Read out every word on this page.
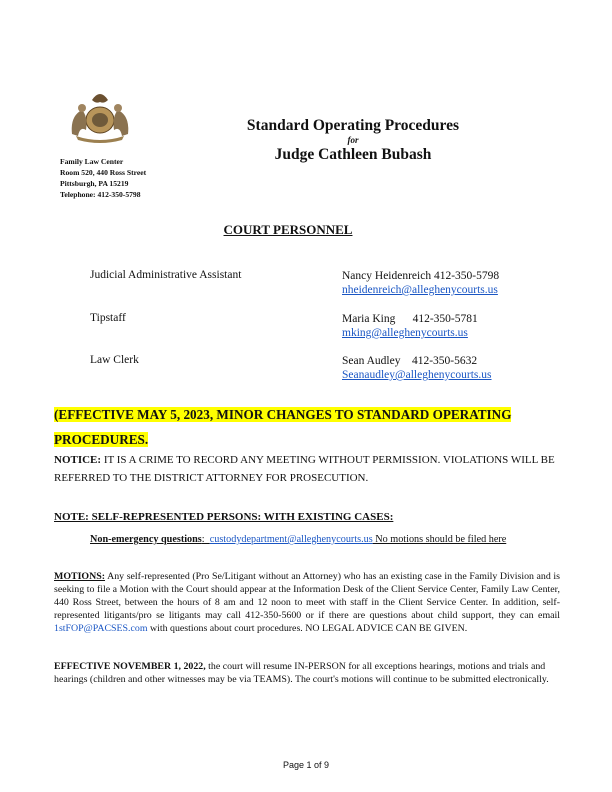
Family Law Center
Room 520, 440 Ross Street
Pittsburgh, PA 15219
Telephone: 412-350-5798
Standard Operating Procedures
for
Judge Cathleen Bubash
COURT PERSONNEL
Judicial Administrative Assistant	Nancy Heidenreich 412-350-5798
nheidenreich@alleghenycourts.us
Tipstaff	Maria King      412-350-5781
mking@alleghenycourts.us
Law Clerk	Sean Audley    412-350-5632
Seanaudley@alleghenycourts.us
(EFFECTIVE MAY 5, 2023, MINOR CHANGES TO STANDARD OPERATING PROCEDURES.
NOTICE: IT IS A CRIME TO RECORD ANY MEETING WITHOUT PERMISSION. VIOLATIONS WILL BE REFERRED TO THE DISTRICT ATTORNEY FOR PROSECUTION.
NOTE: SELF-REPRESENTED PERSONS: WITH EXISTING CASES:
Non-emergency questions:  custodydepartment@alleghenycourts.us No motions should be filed here
MOTIONS: Any self-represented (Pro Se/Litigant without an Attorney) who has an existing case in the Family Division and is seeking to file a Motion with the Court should appear at the Information Desk of the Client Service Center, Family Law Center, 440 Ross Street, between the hours of 8 am and 12 noon to meet with staff in the Client Service Center. In addition, self-represented litigants/pro se litigants may call 412-350-5600 or if there are questions about child support, they can email 1stFOP@PACSES.com with questions about court procedures. NO LEGAL ADVICE CAN BE GIVEN.
EFFECTIVE NOVEMBER 1, 2022, the court will resume IN-PERSON for all exceptions hearings, motions and trials and hearings (children and other witnesses may be via TEAMS). The court's motions will continue to be submitted electronically.
Page 1 of 9
